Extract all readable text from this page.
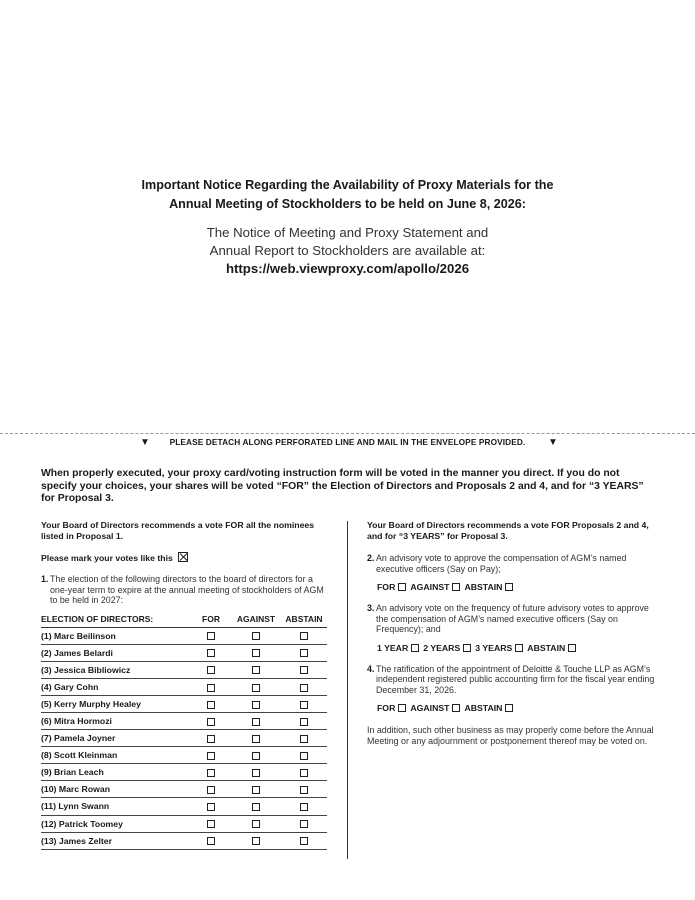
Important Notice Regarding the Availability of Proxy Materials for the
Annual Meeting of Stockholders to be held on June 8, 2026:

The Notice of Meeting and Proxy Statement and
Annual Report to Stockholders are available at:
https://web.viewproxy.com/apollo/2026
▼	PLEASE DETACH ALONG PERFORATED LINE AND MAIL IN THE ENVELOPE PROVIDED.	▼

When properly executed, your proxy card/voting instruction form will be voted in the manner you direct. If you do not specify your choices, your shares will be voted “FOR” the Election of Directors and Proposals 2 and 4, and for “3 YEARS” for Proposal 3.

Your Board of Directors recommends a vote FOR all the nominees listed in Proposal 1.

Please mark your votes like this
1. The election of the following directors to the board of directors for a one-year term to expire at the annual meeting of stockholders of AGM to be held in 2027:
ELECTION OF DIRECTORS:	FOR	AGAINST	ABSTAIN
(1) Marc Beilinson			
(2) James Belardi			
(3) Jessica Bibliowicz			
(4) Gary Cohn			
(5) Kerry Murphy Healey			
(6) Mitra Hormozi			
(7) Pamela Joyner			
(8) Scott Kleinman			
(9) Brian Leach			
(10) Marc Rowan			
(11) Lynn Swann			
(12) Patrick Toomey			
(13) James Zelter			

Your Board of Directors recommends a vote FOR Proposals 2 and 4, and for “3 YEARS” for Proposal 3.

2. An advisory vote to approve the compensation of AGM’s named executive officers (Say on Pay);
FOR AGAINST ABSTAIN
3. An advisory vote on the frequency of future advisory votes to approve the compensation of AGM’s named executive officers (Say on Frequency); and
1 YEAR 2 YEARS 3 YEARS ABSTAIN
4. The ratification of the appointment of Deloitte & Touche LLP as AGM’s independent registered public accounting firm for the fiscal year ending December 31, 2026.
FOR AGAINST ABSTAIN

In addition, such other business as may properly come before the Annual Meeting or any adjournment or postponement thereof may be voted on.
